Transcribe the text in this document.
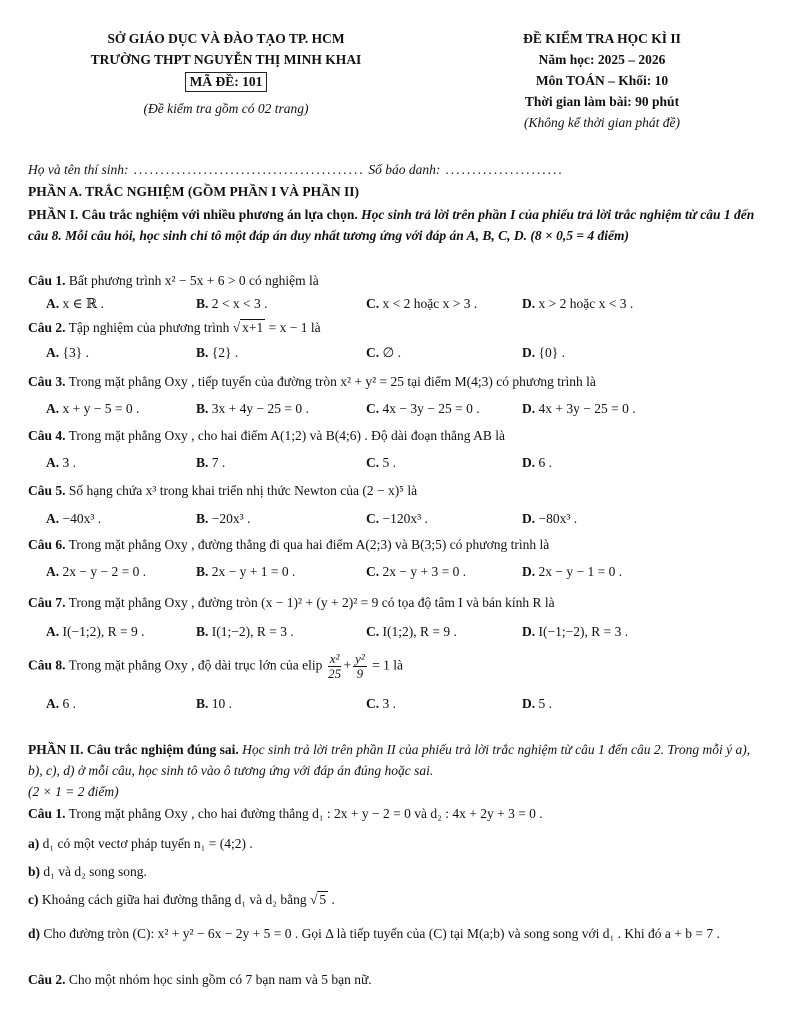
SỞ GIÁO DỤC VÀ ĐÀO TẠO TP. HCM
TRƯỜNG THPT NGUYỄN THỊ MINH KHAI
MÃ ĐỀ: 101
(Đề kiểm tra gồm có 02 trang)
ĐỀ KIỂM TRA HỌC KÌ II
Năm học: 2025 – 2026
Môn TOÁN – Khối: 10
Thời gian làm bài: 90 phút
(Không kể thời gian phát đề)
Họ và tên thí sinh: ........................................... Số báo danh: ......................
PHẦN A. TRẮC NGHIỆM (GỒM PHẦN I VÀ PHẦN II)
PHẦN I. Câu trắc nghiệm với nhiều phương án lựa chọn. Học sinh trả lời trên phần I của phiếu trả lời trắc nghiệm từ câu 1 đến câu 8. Mỗi câu hỏi, học sinh chỉ tô một đáp án duy nhất tương ứng với đáp án A, B, C, D. (8 × 0,5 = 4 điểm)
Câu 1. Bất phương trình x² − 5x + 6 > 0 có nghiệm là
A. x ∈ ℝ .	B. 2 < x < 3 .	C. x < 2 hoặc x > 3 .	D. x > 2 hoặc x < 3 .
Câu 2. Tập nghiệm của phương trình √ x+1 = x − 1 là
A. {3} .	B. {2} .	C. ∅ .	D. {0} .
Câu 3. Trong mặt phẳng Oxy , tiếp tuyến của đường tròn x² + y² = 25 tại điểm M(4;3) có phương trình là
A. x + y − 5 = 0 .	B. 3x + 4y − 25 = 0 .	C. 4x − 3y − 25 = 0 .	D. 4x + 3y − 25 = 0 .
Câu 4. Trong mặt phẳng Oxy , cho hai điểm A(1;2) và B(4;6) . Độ dài đoạn thẳng AB là
A. 3 .	B. 7 .	C. 5 .	D. 6 .
Câu 5. Số hạng chứa x³ trong khai triển nhị thức Newton của (2 − x)⁵ là
A. −40x³ .	B. −20x³ .	C. −120x³ .	D. −80x³ .
Câu 6. Trong mặt phẳng Oxy , đường thẳng đi qua hai điểm A(2;3) và B(3;5) có phương trình là
A. 2x − y − 2 = 0 .	B. 2x − y + 1 = 0 .	C. 2x − y + 3 = 0 .	D. 2x − y − 1 = 0 .
Câu 7. Trong mặt phẳng Oxy , đường tròn (x − 1)² + (y + 2)² = 9 có tọa độ tâm I và bán kính R là
A. I(−1;2), R = 9 .	B. I(1;−2), R = 3 .	C. I(1;2), R = 9 .	D. I(−1;−2), R = 3 .
Câu 8. Trong mặt phẳng Oxy , độ dài trục lớn của elip $\frac{\text{x²}}{25} + \frac{\text{y²}}{9} = 1$ là
A. 6 .	B. 10 .	C. 3 .	D. 5 .
PHẦN II. Câu trắc nghiệm đúng sai. Học sinh trả lời trên phần II của phiếu trả lời trắc nghiệm từ câu 1 đến câu 2. Trong mỗi ý a), b), c), d) ở mỗi câu, học sinh tô vào ô tương ứng với đáp án đúng hoặc sai.
(2 × 1 = 2 điểm)
Câu 1. Trong mặt phẳng Oxy , cho hai đường thẳng d₁ : 2x + y − 2 = 0 và d₂ : 4x + 2y + 3 = 0 .
a) d₁ có một vectơ pháp tuyến n₁ = (4;2) .
b) d₁ và d₂ song song.
c) Khoảng cách giữa hai đường thẳng d₁ và d₂ bằng √ 5 .
d) Cho đường tròn (C): x² + y² − 6x − 2y + 5 = 0 . Gọi Δ là tiếp tuyến của (C) tại M(a;b) và song song với d₁ . Khi đó a + b = 7 .
Câu 2. Cho một nhóm học sinh gồm có 7 bạn nam và 5 bạn nữ.
